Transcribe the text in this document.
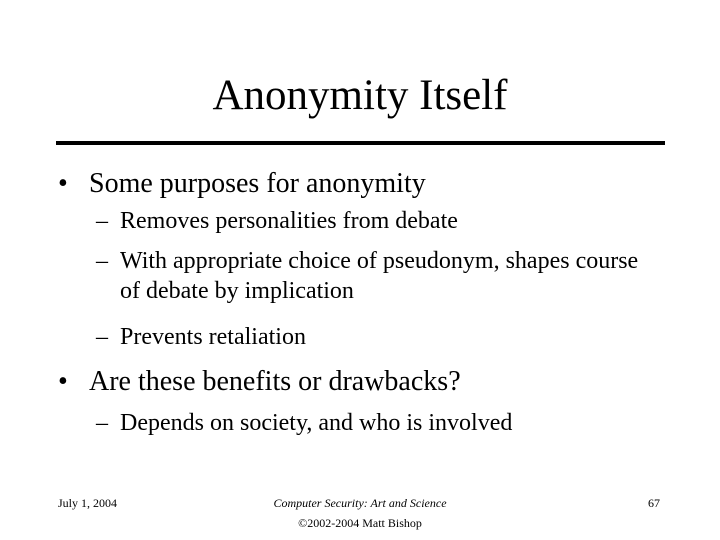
Anonymity Itself
• Some purposes for anonymity
– Removes personalities from debate
– With appropriate choice of pseudonym, shapes course of debate by implication
– Prevents retaliation
• Are these benefits or drawbacks?
– Depends on society, and who is involved
July 1, 2004	Computer Security: Art and Science
©2002-2004 Matt Bishop
67
